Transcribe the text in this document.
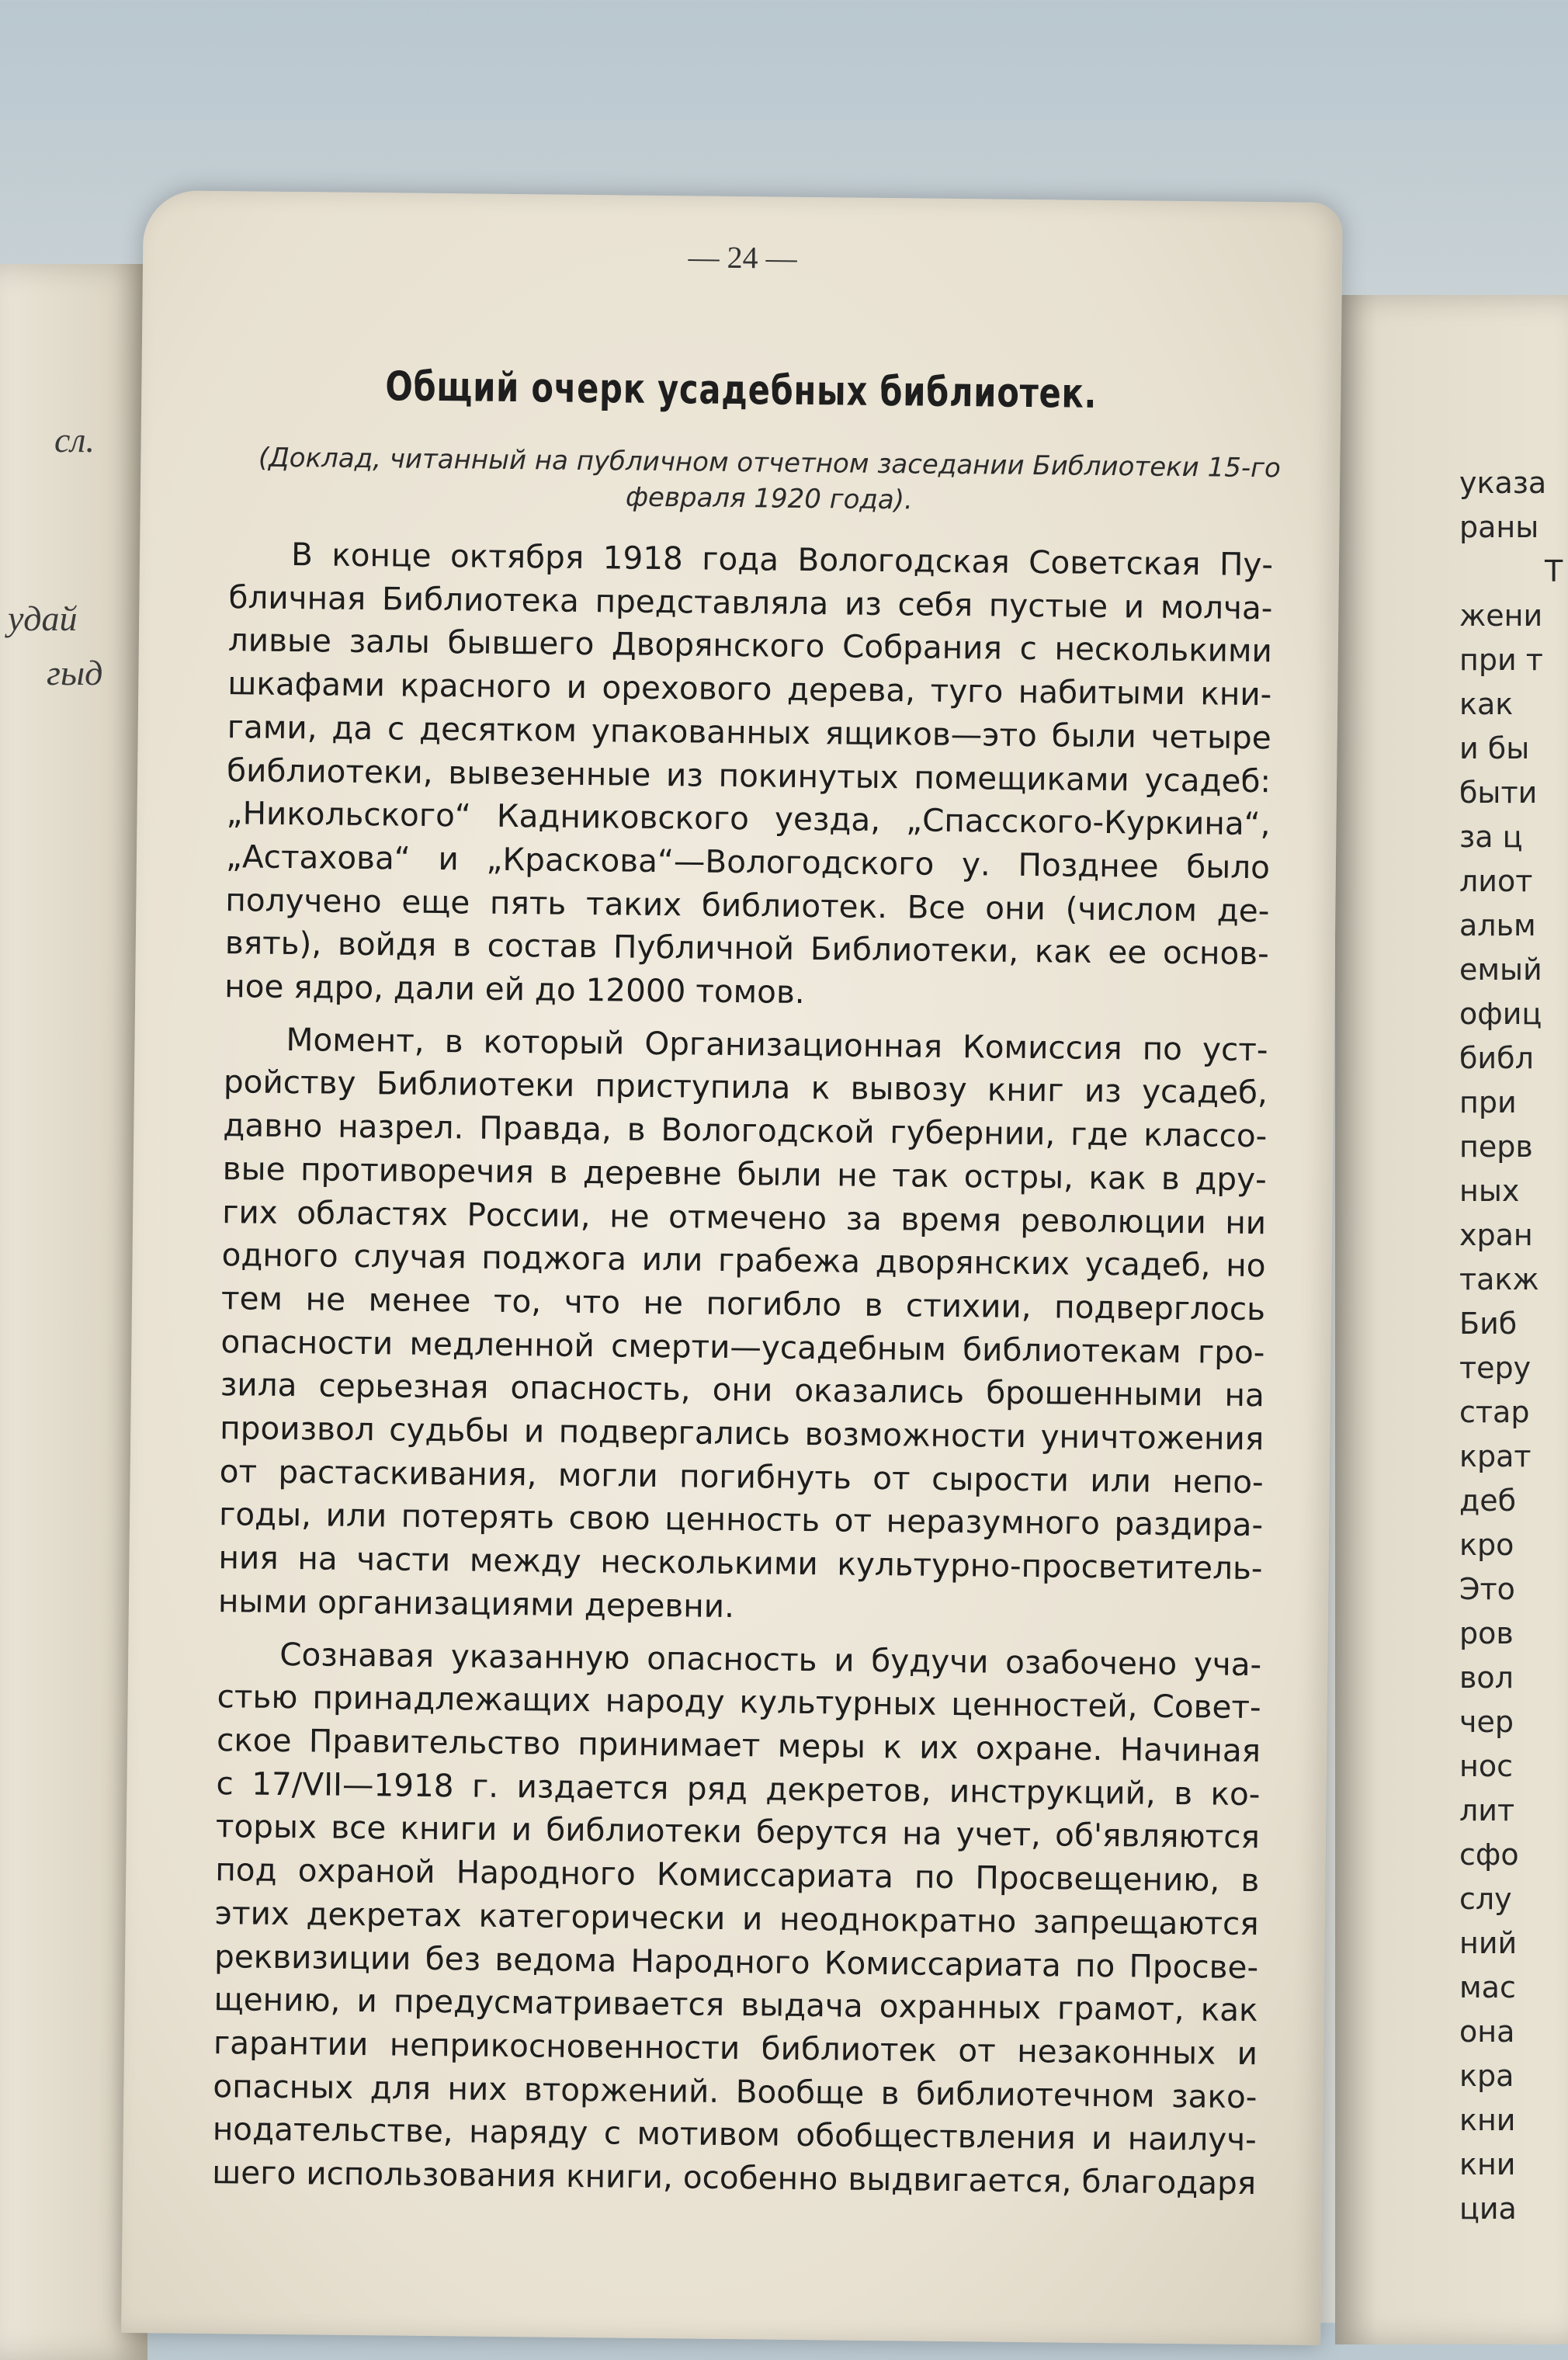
сл.
удай
гыд
указа
раны
Т
жени
при т
как
и бы
быти
за ц
лиот
альм
емый
офиц
библ
при
перв
ных
хран
такж
Биб
теру
стар
крат
деб
кро
Это
ров
вол
чер
нос
лит
сфо
слу
ний
мас
она
кра
кни
кни
циа
— 24 —
Общий очерк усадебных библиотек.
(Доклад, читанный на публичном отчетном заседании Библиотеки 15-го
февраля 1920 года).
В конце октября 1918 года Вологодская Советская Пу-
бличная Библиотека представляла из себя пустые и молча-
ливые залы бывшего Дворянского Собрания с несколькими
шкафами красного и орехового дерева, туго набитыми кни-
гами, да с десятком упакованных ящиков—это были четыре
библиотеки, вывезенные из покинутых помещиками усадеб:
„Никольского“ Кадниковского уезда, „Спасского-Куркина“,
„Астахова“ и „Краскова“—Вологодского у. Позднее было
получено еще пять таких библиотек. Все они (числом де-
вять), войдя в состав Публичной Библиотеки, как ее основ-
ное ядро, дали ей до 12000 томов.
Момент, в который Организационная Комиссия по уст-
ройству Библиотеки приступила к вывозу книг из усадеб,
давно назрел. Правда, в Вологодской губернии, где классо-
вые противоречия в деревне были не так остры, как в дру-
гих областях России, не отмечено за время революции ни
одного случая поджога или грабежа дворянских усадеб, но
тем не менее то, что не погибло в стихии, подверглось
опасности медленной смерти—усадебным библиотекам гро-
зила серьезная опасность, они оказались брошенными на
произвол судьбы и подвергались возможности уничтожения
от растаскивания, могли погибнуть от сырости или непо-
годы, или потерять свою ценность от неразумного раздира-
ния на части между несколькими культурно-просветитель-
ными организациями деревни.
Сознавая указанную опасность и будучи озабочено уча-
стью принадлежащих народу культурных ценностей, Совет-
ское Правительство принимает меры к их охране. Начиная
с 17/VII—1918 г. издается ряд декретов, инструкций, в ко-
торых все книги и библиотеки берутся на учет, об'являются
под охраной Народного Комиссариата по Просвещению, в
этих декретах категорически и неоднократно запрещаются
реквизиции без ведома Народного Комиссариата по Просве-
щению, и предусматривается выдача охранных грамот, как
гарантии неприкосновенности библиотек от незаконных и
опасных для них вторжений. Вообще в библиотечном зако-
нодательстве, наряду с мотивом обобществления и наилуч-
шего использования книги, особенно выдвигается, благодаря
